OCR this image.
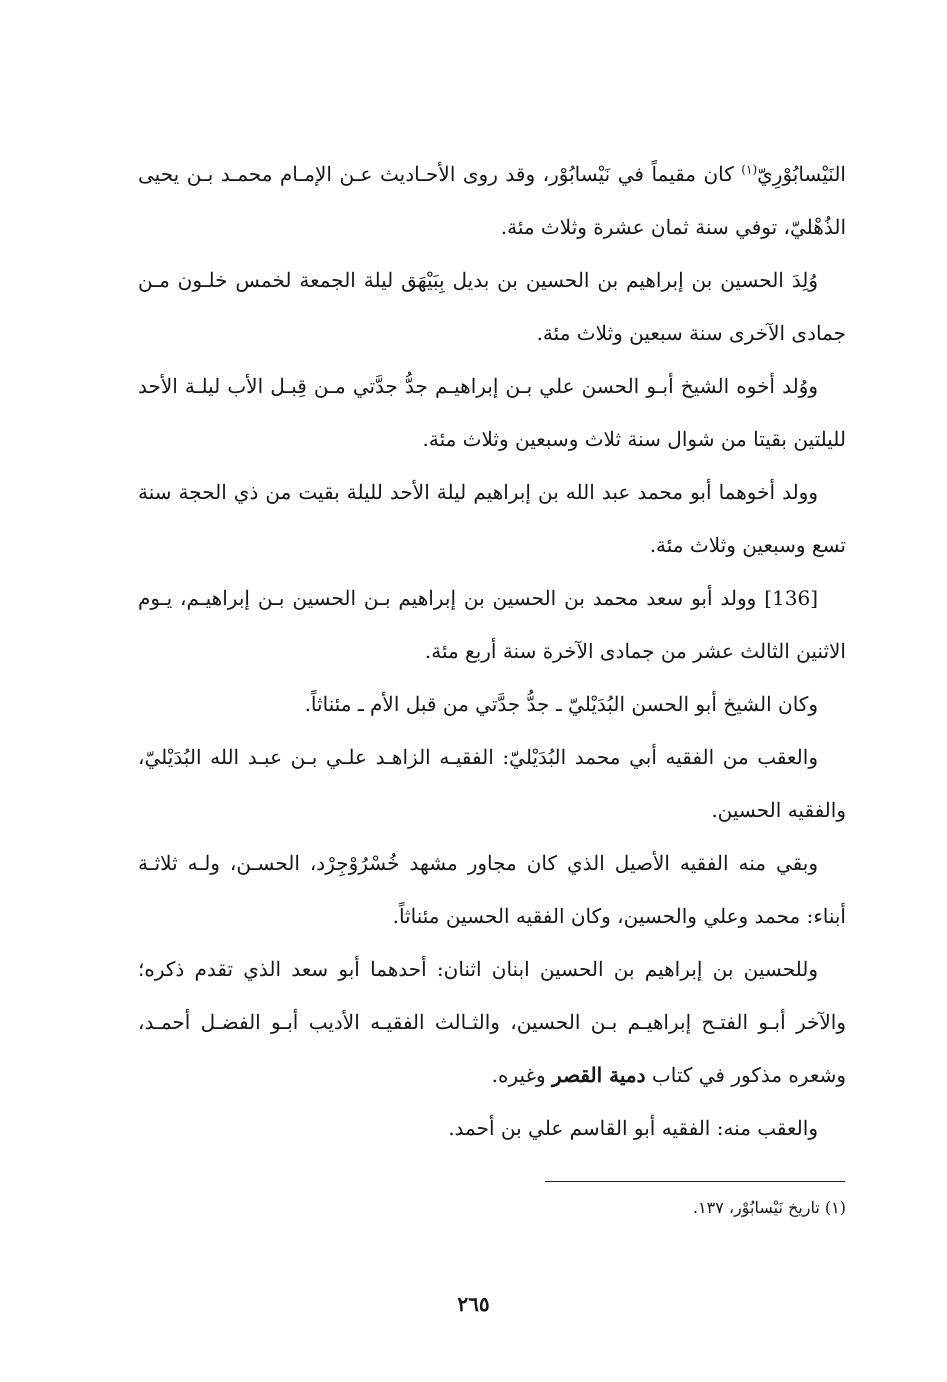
النَيْسابُوْرِيّ$^{(١)}$ كان مقيماً في نَيْسابُوْر، وقد روى الأحـاديث عـن الإمـام محمـد بـن يحيى الذُهْليّ، توفي سنة ثمان عشرة وثلاث مئة.

وُلِدَ الحسين بن إبراهيم بن الحسين بن بديل بِبَيْهَق ليلة الجمعة لخمس خلـون مـن جمادى الآخرى سنة سبعين وثلاث مئة.

ووُلد أخوه الشيخ أبـو الحسن علي بـن إبراهيـم جدُّ جدَّتي مـن قِبـل الأب ليلـة الأحد لليلتين بقيتا من شوال سنة ثلاث وسبعين وثلاث مئة.

وولد أخوهما أبو محمد عبد الله بن إبراهيم ليلة الأحد لليلة بقيت من ذي الحجة سنة تسع وسبعين وثلاث مئة.

[136] وولد أبو سعد محمد بن الحسين بن إبراهيم بـن الحسين بـن إبراهيـم، يـوم الاثنين الثالث عشر من جمادى الآخرة سنة أربع مئة.

وكان الشيخ أبو الحسن البُدَيْليّ ـ جدُّ جدَّتي من قبل الأم ـ مئناثاً.

والعقب من الفقيه أبي محمد البُدَيْليّ: الفقيـه الزاهـد علـي بـن عبـد الله البُدَيْليّ، والفقيه الحسين.

وبقي منه الفقيه الأصيل الذي كان مجاور مشهد خُسْرُوْجِرْد، الحسـن، ولـه ثلاثـة أبناء: محمد وعلي والحسين، وكان الفقيه الحسين مئناثاً.

وللحسين بن إبراهيم بن الحسين ابنان اثنان: أحدهما أبو سعد الذي تقدم ذكره؛ والآخر أبـو الفتـح إبراهيـم بـن الحسين، والثـالث الفقيـه الأديب أبـو الفضـل أحمـد، وشعره مذكور في كتاب دمية القصر وغيره.

والعقب منه: الفقيه أبو القاسم علي بن أحمد.

(١) تاريخ نَيْسابُوْر، ١٣٧.
٢٦٥
